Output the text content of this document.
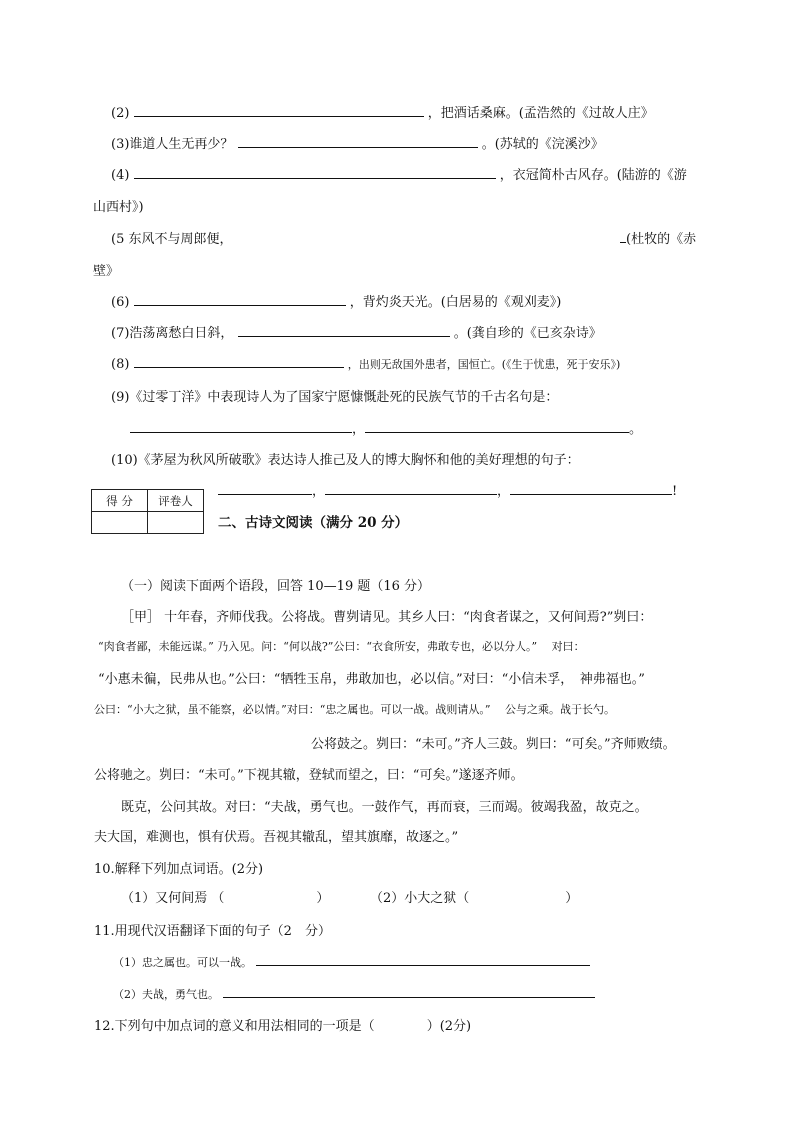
(2)	，把酒话桑麻。(孟浩然的《过故人庄》
(3)谁道人生无再少？	。(苏轼的《浣溪沙》
(4)	，衣冠简朴古风存。(陆游的《游
山西村》)
(5 东风不与周郎便，	(杜牧的《赤
壁》
(6)	，背灼炎天光。(白居易的《观刈麦》)
(7)浩荡离愁白日斜，	。(龚自珍的《已亥杂诗》
(8)	，出则无敌国外患者，国恒亡。(《生于忧患，死于安乐》)
(9)《过零丁洋》中表现诗人为了国家宁愿慷慨赴死的民族气节的千古名句是：
，	。
(10)《茅屋为秋风所破歌》表达诗人推己及人的博大胸怀和他的美好理想的句子：
，	，	!
得 分	评卷人

二、古诗文阅读（满分 20 分）
（一）阅读下面两个语段，回答 10—19 题（16 分）
［甲］ 十年春，齐师伐我。公将战。曹刿请见。其乡人曰：“肉食者谋之，又何间焉?”刿曰：
“肉食者鄙，未能远谋。” 乃入见。问：“何以战?”公曰：“衣食所安，弗敢专也，必以分人。”　 对曰：
“小惠未徧，民弗从也。”公曰：“牺牲玉帛，弗敢加也，必以信。”对曰：“小信未孚，　神弗福也。”
公曰：“小大之狱，虽不能察，必以情。”对曰：“忠之属也。可以一战。战则请从。”　 公与之乘。战于长勺。
公将鼓之。刿曰：“未可。”齐人三鼓。刿曰：“可矣。”齐师败绩。
公将驰之。刿曰：“未可。”下视其辙，登轼而望之，曰：“可矣。”遂逐齐师。
既克，公问其故。对曰：“夫战，勇气也。一鼓作气，再而衰，三而竭。彼竭我盈，故克之。
夫大国，难测也，惧有伏焉。吾视其辙乱，望其旗靡，故逐之。”
10.解释下列加点词语。(2分)
（1）又何间焉 （	）	（2）小大之狱（	）
11.用现代汉语翻译下面的句子（2　分）
（1）忠之属也。可以一战。
（2）夫战，勇气也。
12.下列句中加点词的意义和用法相同的一项是（	）(2分)
